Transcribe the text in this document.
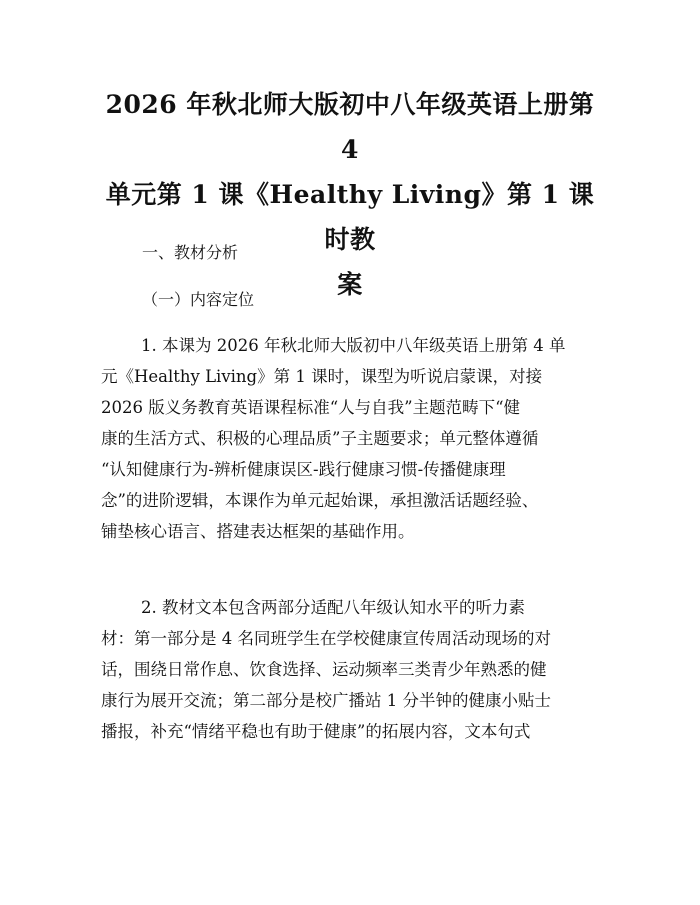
2026 年秋北师大版初中八年级英语上册第 4
单元第 1 课《Healthy Living》第 1 课时教
案

一、教材分析

（一）内容定位

1. 本课为 2026 年秋北师大版初中八年级英语上册第 4 单
元《Healthy Living》第 1 课时，课型为听说启蒙课，对接
2026 版义务教育英语课程标准“人与自我”主题范畴下“健
康的生活方式、积极的心理品质”子主题要求；单元整体遵循
“认知健康行为-辨析健康误区-践行健康习惯-传播健康理
念”的进阶逻辑，本课作为单元起始课，承担激活话题经验、
铺垫核心语言、搭建表达框架的基础作用。
2. 教材文本包含两部分适配八年级认知水平的听力素
材：第一部分是 4 名同班学生在学校健康宣传周活动现场的对
话，围绕日常作息、饮食选择、运动频率三类青少年熟悉的健
康行为展开交流；第二部分是校广播站 1 分半钟的健康小贴士
播报，补充“情绪平稳也有助于健康”的拓展内容，文本句式
